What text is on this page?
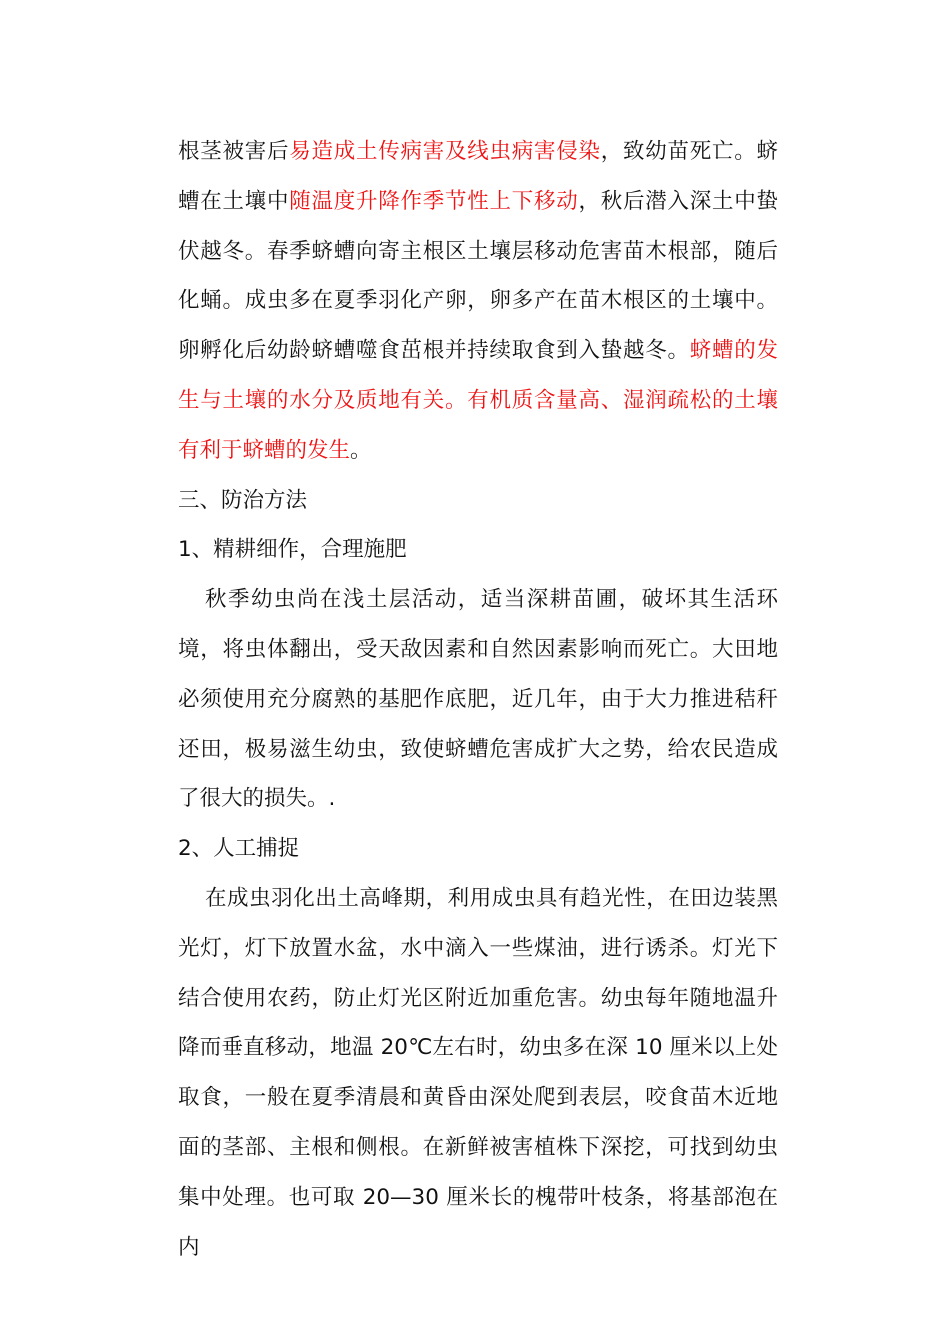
根茎被害后易造成土传病害及线虫病害侵染，致幼苗死亡。蛴螬在土壤中随温度升降作季节性上下移动，秋后潜入深土中蛰伏越冬。春季蛴螬向寄主根区土壤层移动危害苗木根部，随后化蛹。成虫多在夏季羽化产卵，卵多产在苗木根区的土壤中。卵孵化后幼龄蛴螬噬食茁根并持续取食到入蛰越冬。蛴螬的发生与土壤的水分及质地有关。有机质含量高、湿润疏松的土壤有利于蛴螬的发生。

三、防治方法

1、精耕细作，合理施肥

秋季幼虫尚在浅土层活动，适当深耕苗圃，破坏其生活环境，将虫体翻出，受天敌因素和自然因素影响而死亡。大田地必须使用充分腐熟的基肥作底肥，近几年，由于大力推进秸秆还田，极易滋生幼虫，致使蛴螬危害成扩大之势，给农民造成了很大的损失。.

2、人工捕捉

在成虫羽化出土高峰期，利用成虫具有趋光性，在田边装黑光灯，灯下放置水盆，水中滴入一些煤油，进行诱杀。灯光下结合使用农药，防止灯光区附近加重危害。幼虫每年随地温升降而垂直移动，地温 20℃左右时，幼虫多在深 10 厘米以上处取食，一般在夏季清晨和黄昏由深处爬到表层，咬食苗木近地面的茎部、主根和侧根。在新鲜被害植株下深挖，可找到幼虫集中处理。也可取 20—30 厘米长的槐带叶枝条，将基部泡在内
